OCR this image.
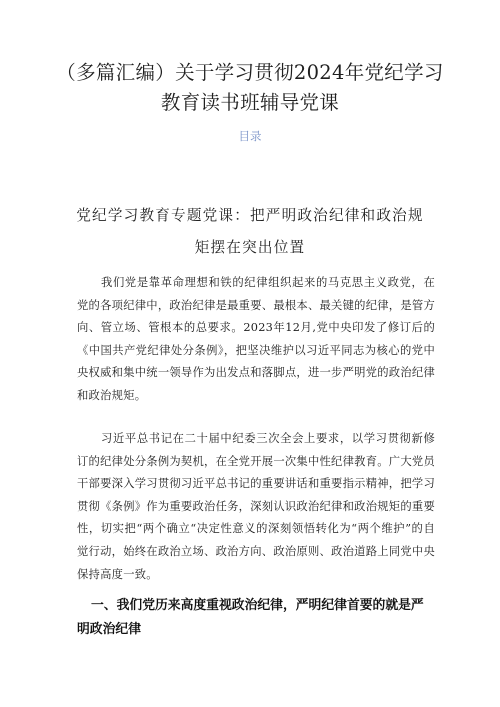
（多篇汇编）关于学习贯彻2024年党纪学习教育读书班辅导党课
目录
党纪学习教育专题党课：把严明政治纪律和政治规矩摆在突出位置

我们党是靠革命理想和铁的纪律组织起来的马克思主义政党，在党的各项纪律中，政治纪律是最重要、最根本、最关键的纪律，是管方向、管立场、管根本的总要求。2023年12月,党中央印发了修订后的《中国共产党纪律处分条例》，把坚决维护以习近平同志为核心的党中央权威和集中统一领导作为出发点和落脚点，进一步严明党的政治纪律和政治规矩。

习近平总书记在二十届中纪委三次全会上要求，以学习贯彻新修订的纪律处分条例为契机，在全党开展一次集中性纪律教育。广大党员干部要深入学习贯彻习近平总书记的重要讲话和重要指示精神，把学习贯彻《条例》作为重要政治任务，深刻认识政治纪律和政治规矩的重要性，切实把“两个确立“决定性意义的深刻领悟转化为“两个维护”的自觉行动，始终在政治立场、政治方向、政治原则、政治道路上同党中央保持高度一致。

一、我们党历来高度重视政治纪律，严明纪律首要的就是严明政治纪律
